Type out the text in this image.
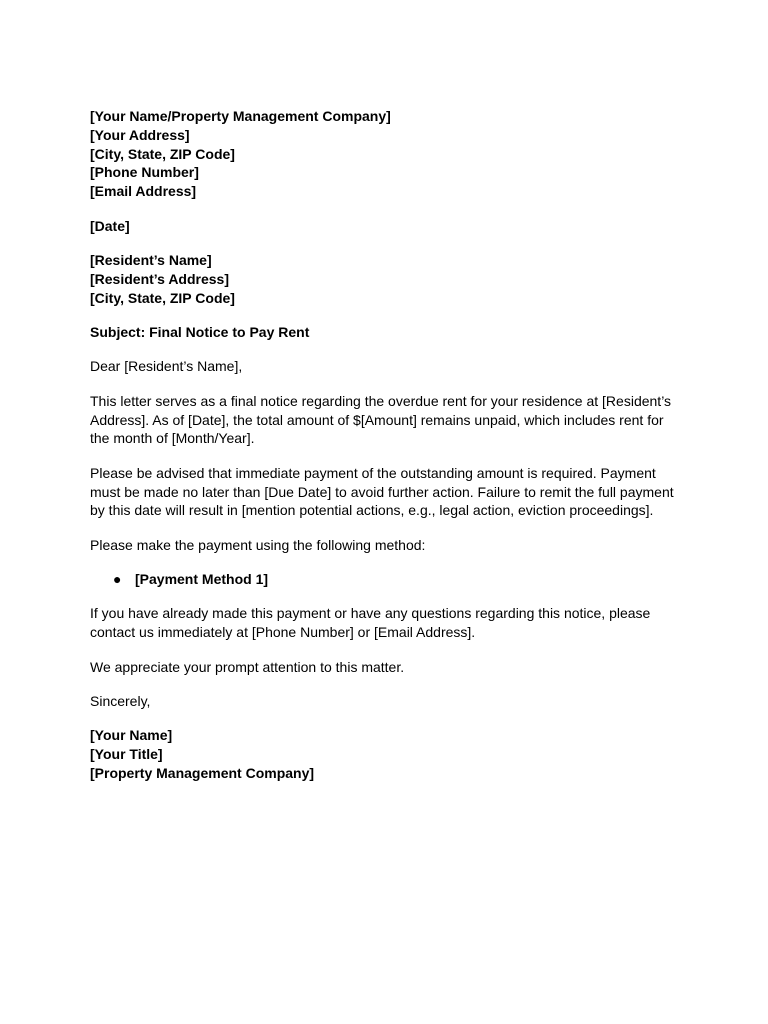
[Your Name/Property Management Company]
[Your Address]
[City, State, ZIP Code]
[Phone Number]
[Email Address]
[Date]
[Resident’s Name]
[Resident’s Address]
[City, State, ZIP Code]
Subject: Final Notice to Pay Rent
Dear [Resident’s Name],
This letter serves as a final notice regarding the overdue rent for your residence at [Resident’s
Address]. As of [Date], the total amount of $[Amount] remains unpaid, which includes rent for
the month of [Month/Year].
Please be advised that immediate payment of the outstanding amount is required. Payment
must be made no later than [Due Date] to avoid further action. Failure to remit the full payment
by this date will result in [mention potential actions, e.g., legal action, eviction proceedings].
Please make the payment using the following method:
● [Payment Method 1]
If you have already made this payment or have any questions regarding this notice, please
contact us immediately at [Phone Number] or [Email Address].
We appreciate your prompt attention to this matter.
Sincerely,
[Your Name]
[Your Title]
[Property Management Company]
